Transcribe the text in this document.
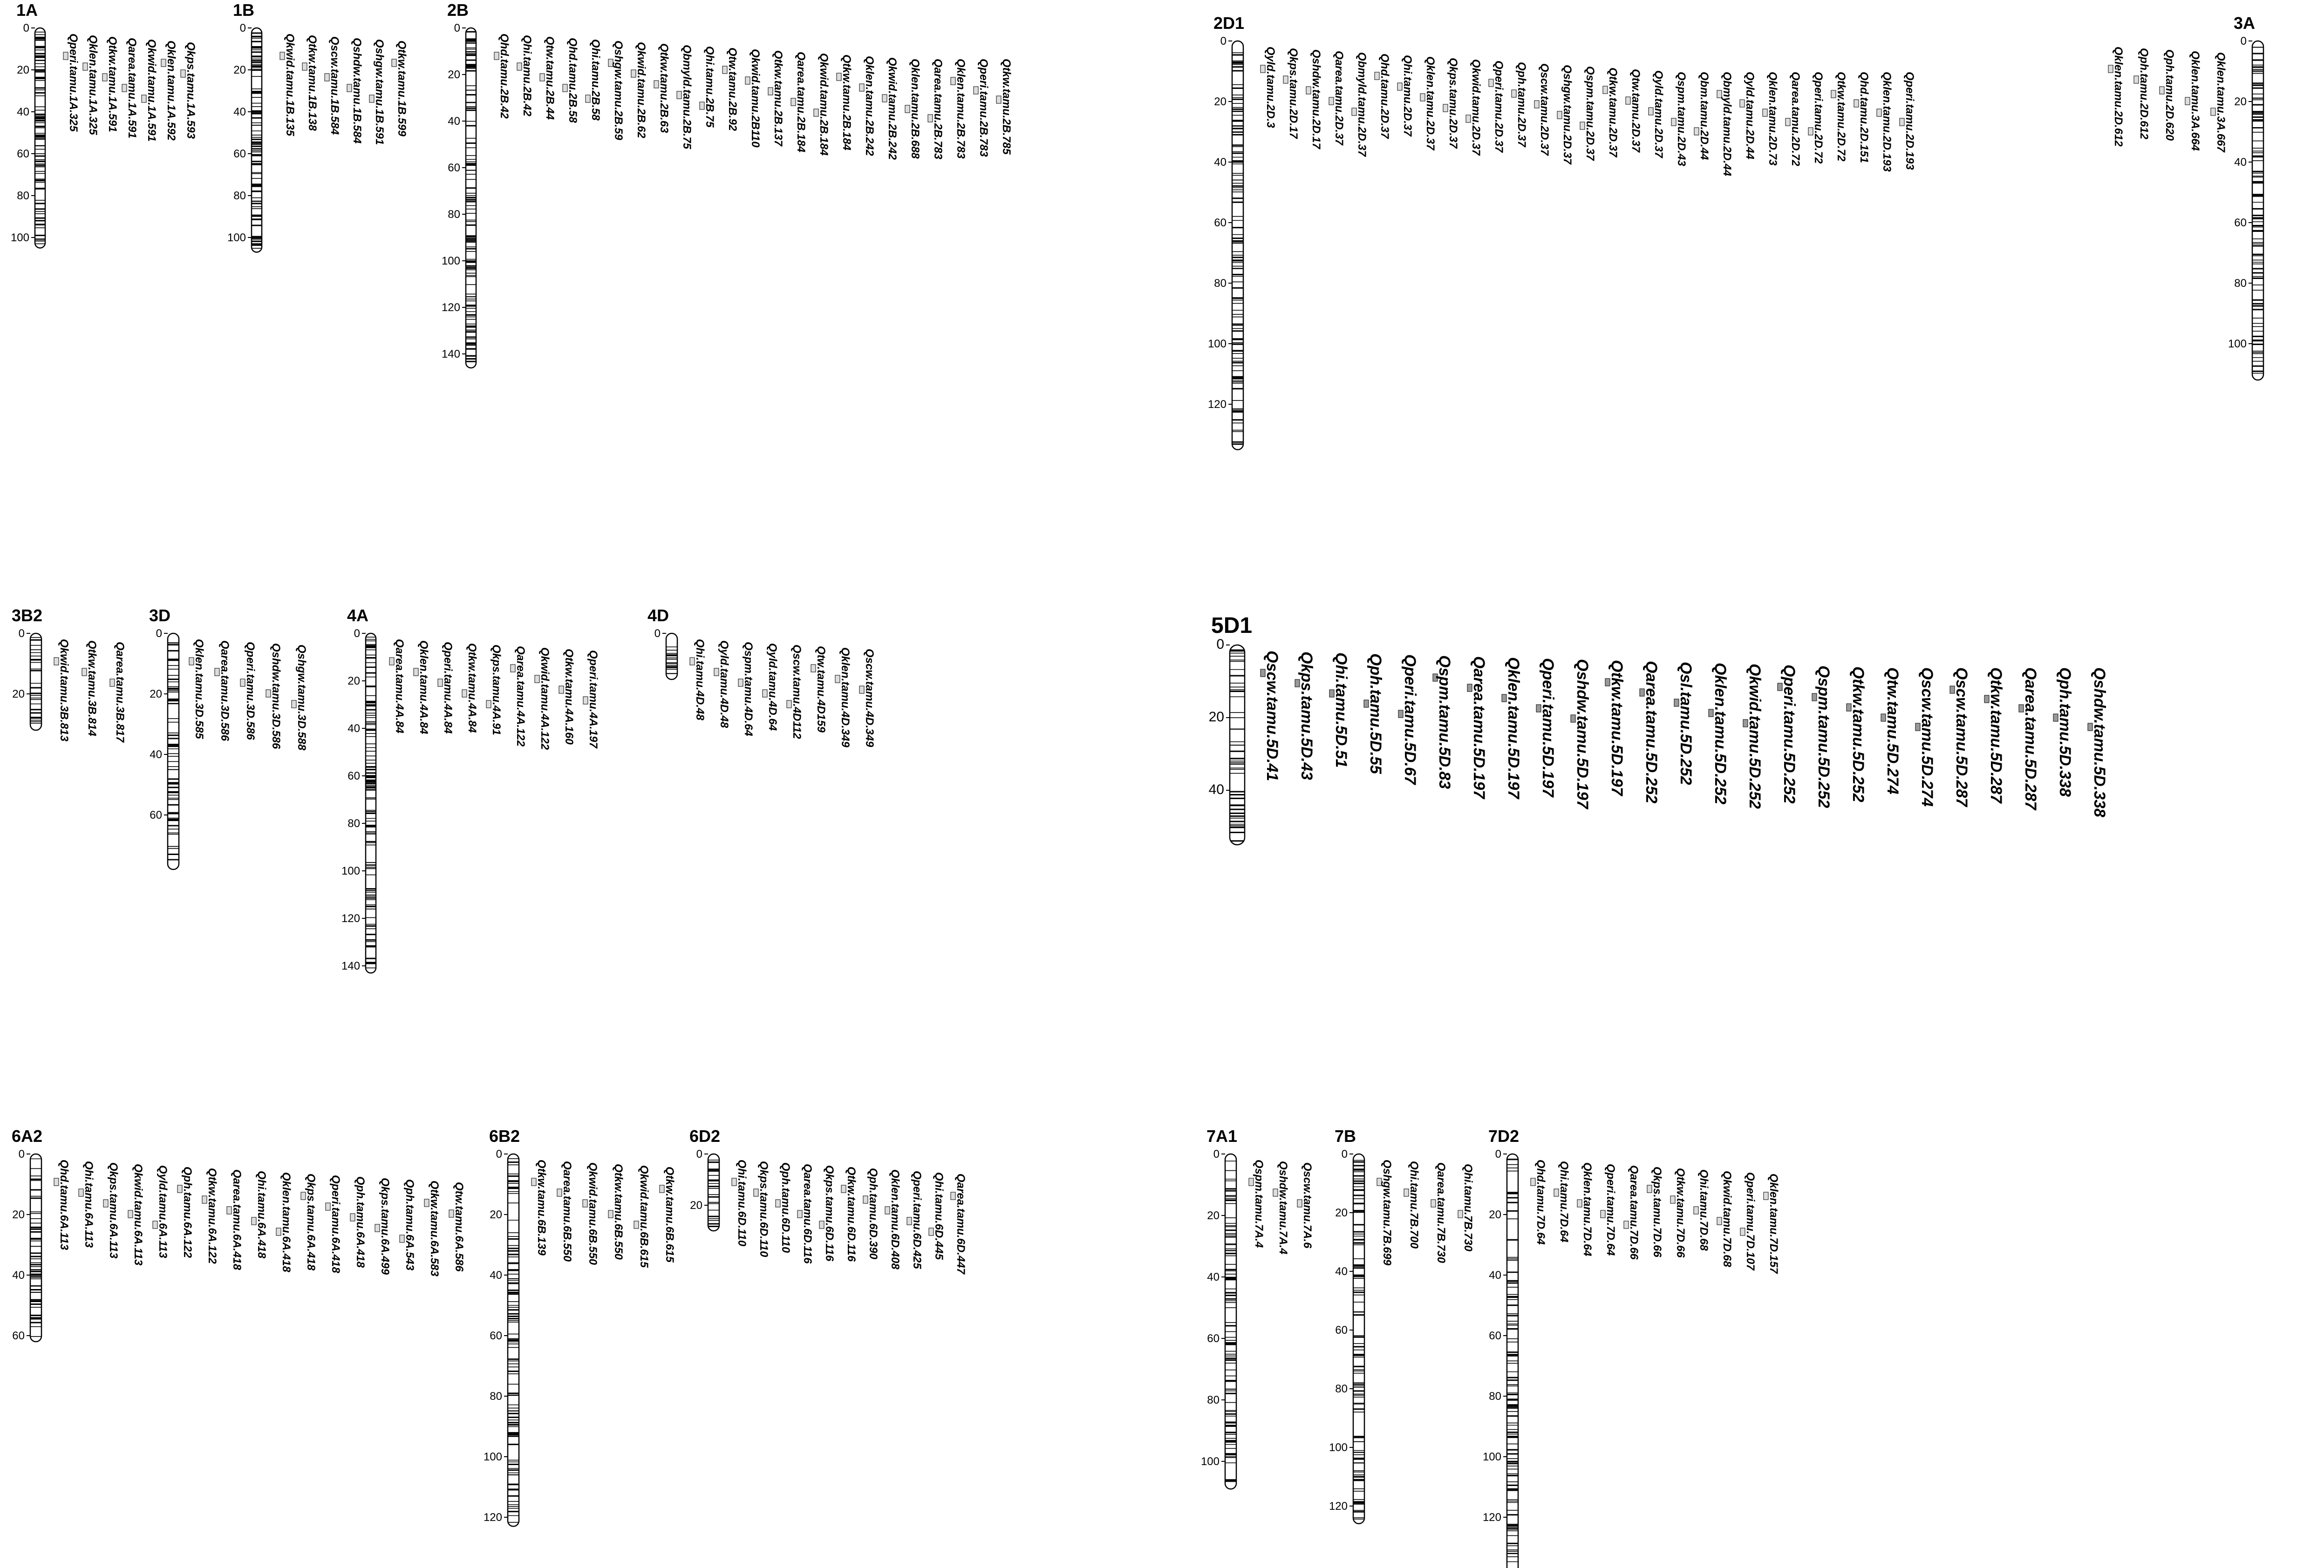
1A
0
20
40
60
80
100
Qperi.tamu.1A.325 Qklen.tamu.1A.325 Qtkw.tamu.1A.591 Qarea.tamu.1A.591 Qkwid.tamu.1A.591 Qklen.tamu.1A.592 Qkps.tamu.1A.593
1B
0
20
40
60
80
100
Qkwid.tamu.1B.135 Qtkw.tamu.1B.138 Qscw.tamu.1B.584 Qshdw.tamu.1B.584 Qshgw.tamu.1B.591 Qtkw.tamu.1B.599
2B
0
20
40
60
80
100
120
140
Qhd.tamu.2B.42 Qhi.tamu.2B.42 Qtw.tamu.2B.44 Qhd.tamu.2B.58 Qhi.tamu.2B.58 Qshgw.tamu.2B.59 Qkwid.tamu.2B.62 Qtkw.tamu.2B.63 Qbmyld.tamu.2B.75 Qhi.tamu.2B.75 Qtw.tamu.2B.92 Qkwid.tamu.2B110 Qtkw.tamu.2B.137 Qarea.tamu.2B.184 Qkwid.tamu.2B.184 Qtkw.tamu.2B.184 Qklen.tamu.2B.242 Qkwid.tamu.2B.242 Qklen.tamu.2B.688 Qarea.tamu.2B.783 Qklen.tamu.2B.783 Qperi.tamu.2B.783 Qtkw.tamu.2B.785
2D1
0
20
40
60
80
100
120
Qyld.tamu.2D.3 Qkps.tamu.2D.17 Qshdw.tamu.2D.17 Qarea.tamu.2D.37 Qbmyld.tamu.2D.37 Qhd.tamu.2D.37 Qhi.tamu.2D.37 Qklen.tamu.2D.37 Qkps.tamu.2D.37 Qkwid.tamu.2D.37 Qperi.tamu.2D.37 Qph.tamu.2D.37 Qscw.tamu.2D.37 Qshgw.tamu.2D.37 Qspm.tamu.2D.37 Qtkw.tamu.2D.37 Qtw.tamu.2D.37 Qyld.tamu.2D.37 Qspm.tamu.2D.43 Qbm.tamu.2D.44 Qbmyld.tamu.2D.44 Qyld.tamu.2D.44 Qklen.tamu.2D.73 Qarea.tamu.2D.72 Qperi.tamu.2D.72 Qtkw.tamu.2D.72 Qhd.tamu.2D.151 Qklen.tamu.2D.193 Qperi.tamu.2D.193
3A
0
20
40
60
80
100
Qklen.tamu.2D.612 Qph.tamu.2D.612 Qph.tamu.2D.620 Qklen.tamu.3A.664 Qklen.tamu.3A.667
3B2
0
20	Qkwid.tamu.3B.813 Qtkw.tamu.3B.814 Qarea.tamu.3B.817
3D
0
20
40
60
Qklen.tamu.3D.585 Qarea.tamu.3D.586 Qperi.tamu.3D.586 Qshdw.tamu.3D.586 Qshgw.tamu.3D.588
4A
0
20
40
60
80
100
120
140
Qarea.tamu.4A.84 Qklen.tamu.4A.84 Qperi.tamu.4A.84 Qtkw.tamu.4A.84 Qkps.tamu.4A.91 Qarea.tamu.4A.122 Qkwid.tamu.4A.122 Qtkw.tamu.4A.160 Qperi.tamu.4A.197
4D
0
Qhi.tamu.4D.48 Qyld.tamu.4D.48 Qspm.tamu.4D.64 Qyld.tamu.4D.64 Qscw.tamu.4D112 Qtw.tamu.4D159 Qklen.tamu.4D.349 Qscw.tamu.4D.349
5D1
0
20
40
Qscw.tamu.5D.41 Qkps.tamu.5D.43 Qhi.tamu.5D.51 Qph.tamu.5D.55 Qperi.tamu.5D.67 Qspm.tamu.5D.83 Qarea.tamu.5D.197 Qklen.tamu.5D.197 Qperi.tamu.5D.197 Qshdw.tamu.5D.197 Qtkw.tamu.5D.197 Qarea.tamu.5D.252 Qsl.tamu.5D.252 Qklen.tamu.5D.252 Qkwid.tamu.5D.252 Qperi.tamu.5D.252 Qspm.tamu.5D.252 Qtkw.tamu.5D.252 Qtw.tamu.5D.274 Qscw.tamu.5D.274 Qscw.tamu.5D.287 Qtkw.tamu.5D.287 Qarea.tamu.5D.287 Qph.tamu.5D.338 Qshdw.tamu.5D.338
6A2
0
20
40
60
Qhd.tamu.6A.113 Qhi.tamu.6A.113 Qkps.tamu.6A.113 Qkwid.tamu.6A.113 Qyld.tamu.6A.113 Qph.tamu.6A.122 Qtkw.tamu.6A.122 Qarea.tamu.6A.418 Qhi.tamu.6A.418 Qklen.tamu.6A.418 Qkps.tamu.6A.418 Qperi.tamu.6A.418 Qph.tamu.6A.418 Qkps.tamu.6A.499 Qph.tamu.6A.543 Qtkw.tamu.6A.583 Qtw.tamu.6A.586
6B2
0
20
40
60
80
100
120
Qtkw.tamu.6B.139 Qarea.tamu.6B.550 Qkwid.tamu.6B.550 Qtkw.tamu.6B.550 Qkwid.tamu.6B.615 Qtkw.tamu.6B.615
6D2
0
20	Qhi.tamu.6D.110 Qkps.tamu.6D.110 Qph.tamu.6D.110 Qarea.tamu.6D.116 Qkps.tamu.6D.116 Qtkw.tamu.6D.116 Qph.tamu.6D.390 Qklen.tamu.6D.408 Qperi.tamu.6D.425 Qhi.tamu.6D.445 Qarea.tamu.6D.447
7A1
0
20
40
60
80
100
Qspm.tamu.7A.4 Qshdw.tamu.7A.4 Qscw.tamu.7A.6
7B
0
20
40
60
80
100
120
Qshgw.tamu.7B.699 Qhi.tamu.7B.700 Qarea.tamu.7B.730 Qhi.tamu.7B.730
7D2
0
20
40
60
80
100
120
Qhd.tamu.7D.64 Qhi.tamu.7D.64 Qklen.tamu.7D.64 Qperi.tamu.7D.64 Qarea.tamu.7D.66 Qkps.tamu.7D.66 Qtkw.tamu.7D.66 Qhi.tamu.7D.68 Qkwid.tamu.7D.68 Qperi.tamu.7D.107 Qklen.tamu.7D.157
